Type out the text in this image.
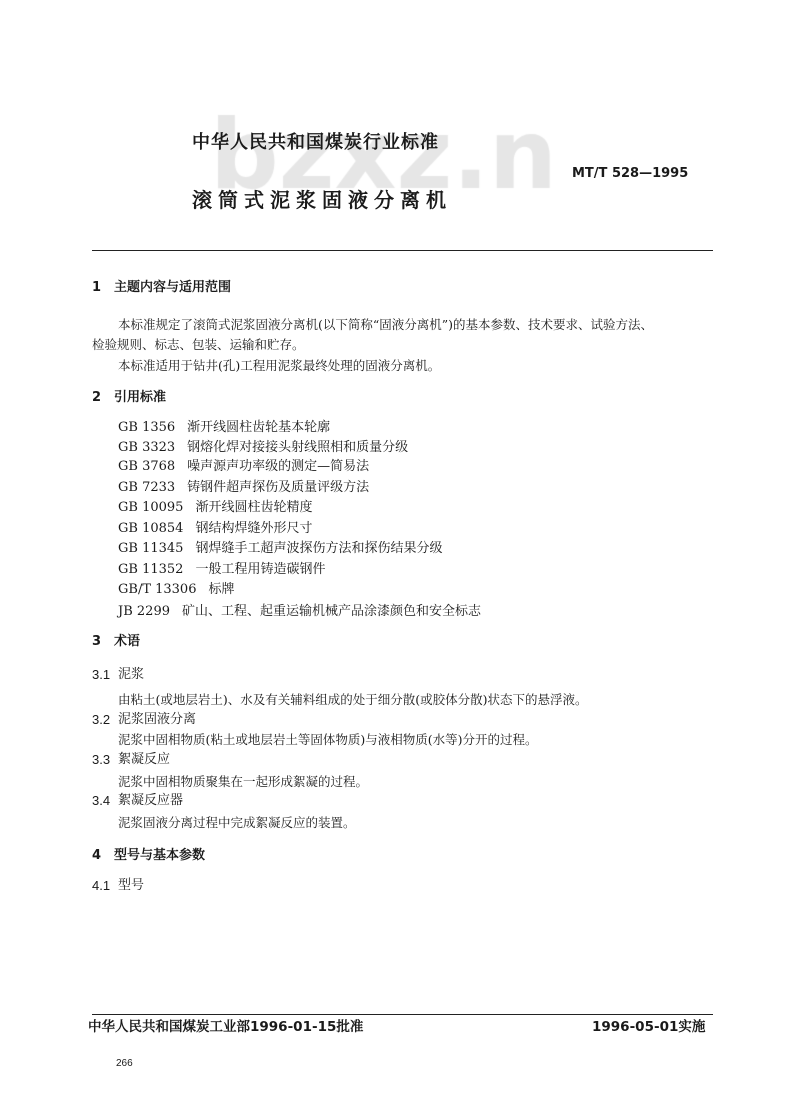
中华人民共和国煤炭行业标准
MT/T 528—1995
滚筒式泥浆固液分离机
1　主题内容与适用范围
本标准规定了滚筒式泥浆固液分离机(以下简称“固液分离机”)的基本参数、技术要求、试验方法、
检验规则、标志、包装、运输和贮存。
本标准适用于钻井(孔)工程用泥浆最终处理的固液分离机。
2　引用标准
GB 1356 渐开线圆柱齿轮基本轮廓
GB 3323 钢熔化焊对接接头射线照相和质量分级
GB 3768 噪声源声功率级的测定—简易法
GB 7233 铸钢件超声探伤及质量评级方法
GB 10095 渐开线圆柱齿轮精度
GB 10854 钢结构焊缝外形尺寸
GB 11345 钢焊缝手工超声波探伤方法和探伤结果分级
GB 11352 一般工程用铸造碳钢件
GB/T 13306 标牌
JB 2299 矿山、工程、起重运输机械产品涂漆颜色和安全标志
3　术语
3.1 泥浆
由粘土(或地层岩土)、水及有关辅料组成的处于细分散(或胶体分散)状态下的悬浮液。
3.2 泥浆固液分离
泥浆中固相物质(粘土或地层岩土等固体物质)与液相物质(水等)分开的过程。
3.3 絮凝反应
泥浆中固相物质聚集在一起形成絮凝的过程。
3.4 絮凝反应器
泥浆固液分离过程中完成絮凝反应的装置。
4　型号与基本参数
4.1 型号
中华人民共和国煤炭工业部1996-01-15批准	1996-05-01实施
266
